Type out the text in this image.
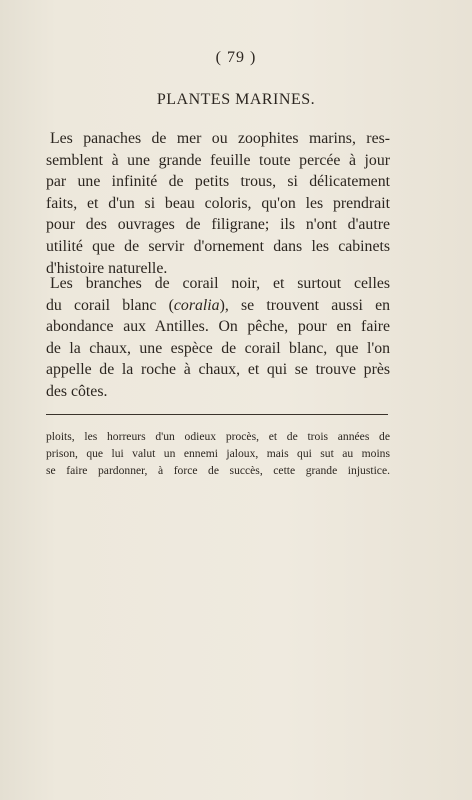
( 79 )
PLANTES MARINES.
Les panaches de mer ou zoophites marins, res-
semblent à une grande feuille toute percée à jour
par une infinité de petits trous, si délicatement
faits, et d'un si beau coloris, qu'on les prendrait
pour des ouvrages de filigrane; ils n'ont d'autre
utilité que de servir d'ornement dans les cabinets
d'histoire naturelle.
Les branches de corail noir, et surtout celles
du corail blanc (coralia), se trouvent aussi en
abondance aux Antilles. On pêche, pour en faire
de la chaux, une espèce de corail blanc, que l'on
appelle de la roche à chaux, et qui se trouve près
des côtes.
ploits, les horreurs d'un odieux procès, et de trois années de
prison, que lui valut un ennemi jaloux, mais qui sut au moins
se faire pardonner, à force de succès, cette grande injustice.
